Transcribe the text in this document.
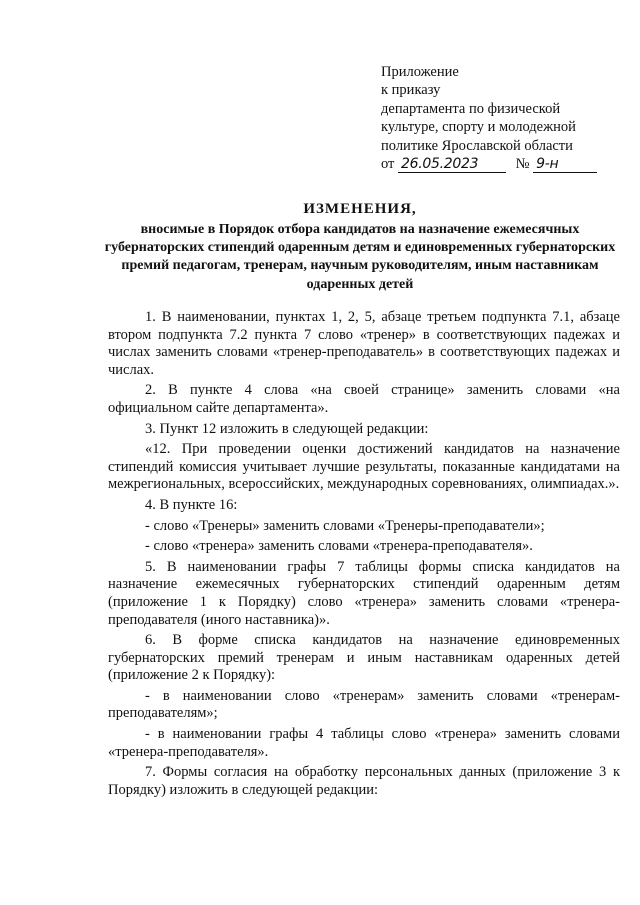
Приложение
к приказу
департамента по физической
культуре, спорту и молодежной
политике Ярославской области
от 26.05.2023	№ 9-н
ИЗМЕНЕНИЯ,
вносимые в Порядок отбора кандидатов на назначение ежемесячных губернаторских стипендий одаренным детям и единовременных губернаторских премий педагогам, тренерам, научным руководителям, иным наставникам одаренных детей

1. В наименовании, пунктах 1, 2, 5, абзаце третьем подпункта 7.1, абзаце втором подпункта 7.2 пункта 7 слово «тренер» в соответствующих падежах и числах заменить словами «тренер-преподаватель» в соответствующих падежах и числах.

2. В пункте 4 слова «на своей странице» заменить словами «на официальном сайте департамента».

3. Пункт 12 изложить в следующей редакции:

«12. При проведении оценки достижений кандидатов на назначение стипендий комиссия учитывает лучшие результаты, показанные кандидатами на межрегиональных, всероссийских, международных соревнованиях, олимпиадах.».

4. В пункте 16:

- слово «Тренеры» заменить словами «Тренеры-преподаватели»;

- слово «тренера» заменить словами «тренера-преподавателя».

5. В наименовании графы 7 таблицы формы списка кандидатов на назначение ежемесячных губернаторских стипендий одаренным детям (приложение 1 к Порядку) слово «тренера» заменить словами «тренера-преподавателя (иного наставника)».

6. В форме списка кандидатов на назначение единовременных губернаторских премий тренерам и иным наставникам одаренных детей (приложение 2 к Порядку):

- в наименовании слово «тренерам» заменить словами «тренерам-преподавателям»;

- в наименовании графы 4 таблицы слово «тренера» заменить словами «тренера-преподавателя».

7. Формы согласия на обработку персональных данных (приложение 3 к Порядку) изложить в следующей редакции:
